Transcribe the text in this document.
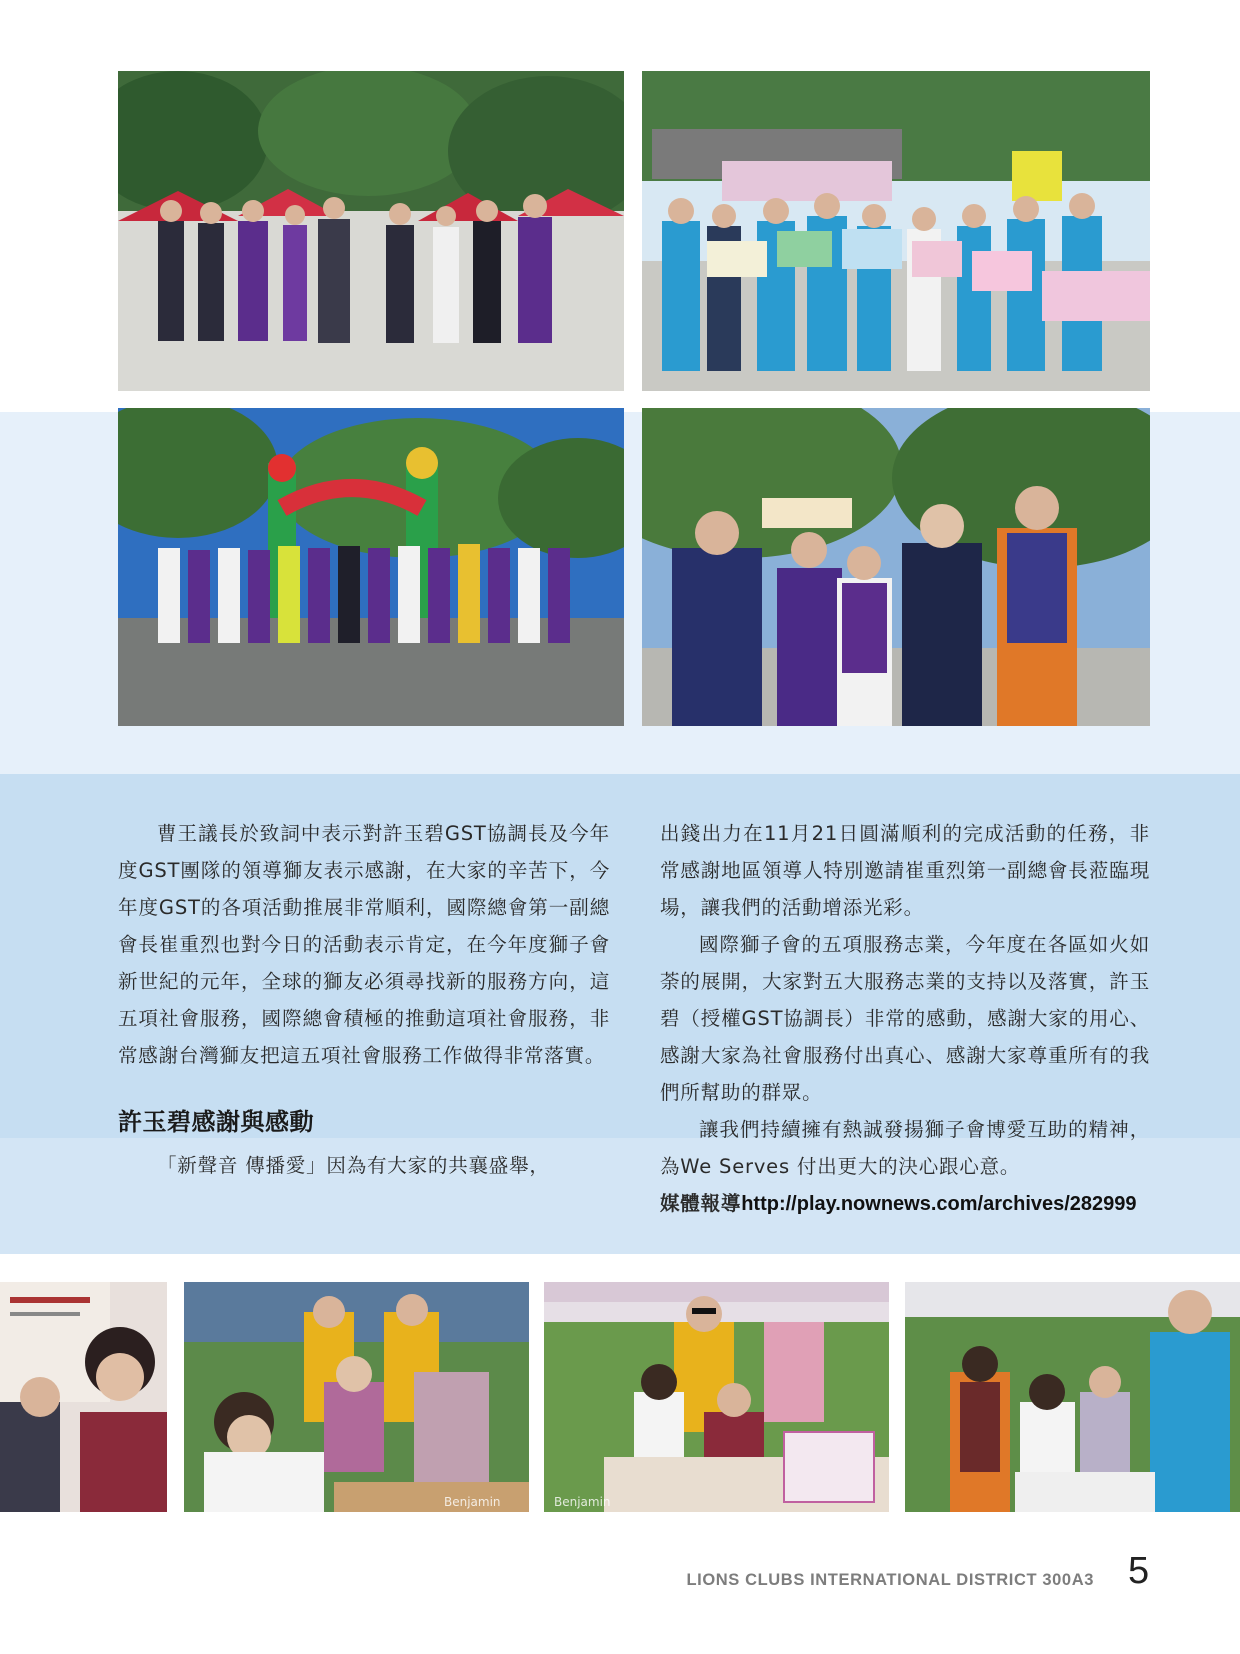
曹王議長於致詞中表示對許玉碧GST協調長及今年度GST團隊的領導獅友表示感謝，在大家的辛苦下，今年度GST的各項活動推展非常順利，國際總會第一副總會長崔重烈也對今日的活動表示肯定，在今年度獅子會新世紀的元年，全球的獅友必須尋找新的服務方向，這五項社會服務，國際總會積極的推動這項社會服務，非常感謝台灣獅友把這五項社會服務工作做得非常落實。

許玉碧感謝與感動

「新聲音 傳播愛」因為有大家的共襄盛舉，

出錢出力在11月21日圓滿順利的完成活動的任務，非常感謝地區領導人特別邀請崔重烈第一副總會長蒞臨現場，讓我們的活動增添光彩。

國際獅子會的五項服務志業，今年度在各區如火如荼的展開，大家對五大服務志業的支持以及落實，許玉碧（授權GST協調長）非常的感動，感謝大家的用心、感謝大家為社會服務付出真心、感謝大家尊重所有的我們所幫助的群眾。

讓我們持續擁有熱誠發揚獅子會博愛互助的精神，為We Serves 付出更大的決心跟心意。

媒體報導http://play.nownews.com/archives/282999

Benjamin	Benjamin
LIONS CLUBS INTERNATIONAL DISTRICT 300A3 5
